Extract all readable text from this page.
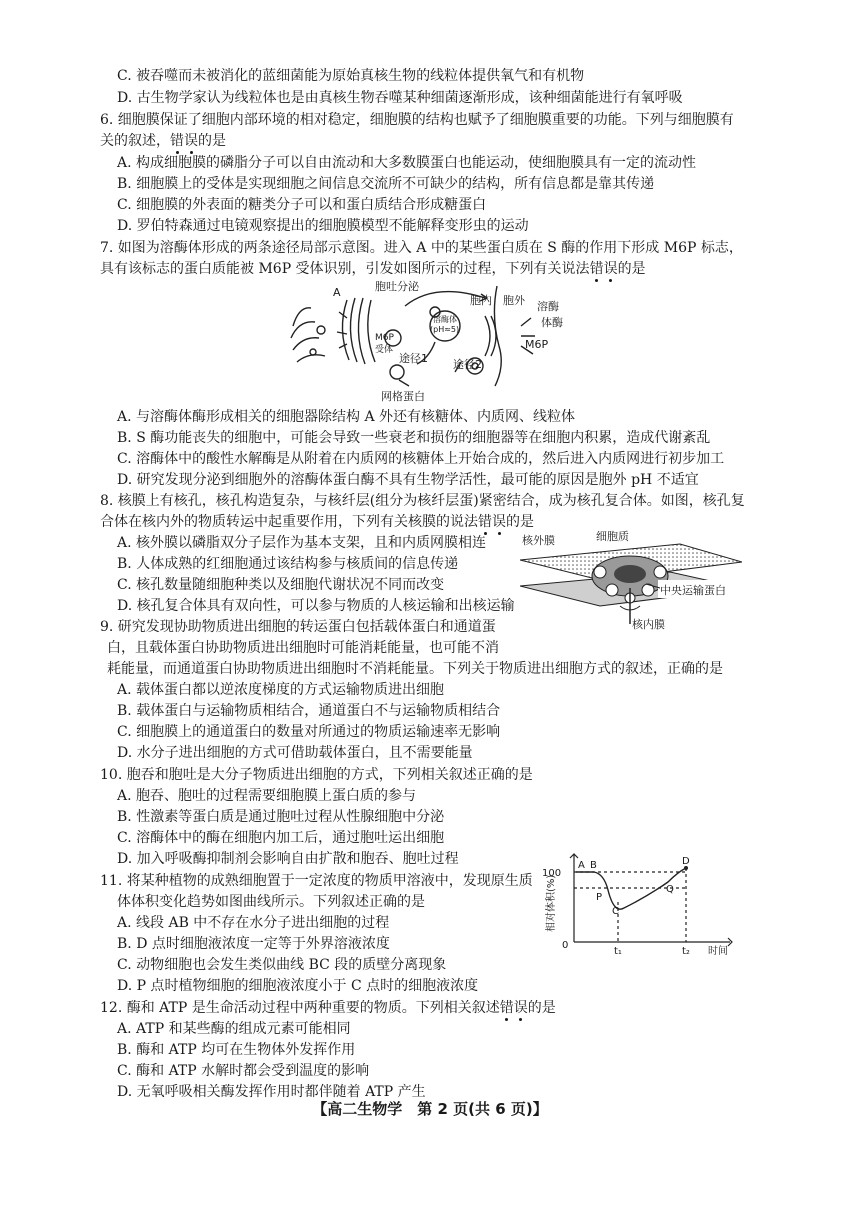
C. 被吞噬而未被消化的蓝细菌能为原始真核生物的线粒体提供氧气和有机物
D. 古生物学家认为线粒体也是由真核生物吞噬某种细菌逐渐形成，该种细菌能进行有氧呼吸
6. 细胞膜保证了细胞内部环境的相对稳定，细胞膜的结构也赋予了细胞膜重要的功能。下列与细胞膜有
关的叙述，错误的是
A. 构成细胞膜的磷脂分子可以自由流动和大多数膜蛋白也能运动，使细胞膜具有一定的流动性
B. 细胞膜上的受体是实现细胞之间信息交流所不可缺少的结构，所有信息都是靠其传递
C. 细胞膜的外表面的糖类分子可以和蛋白质结合形成糖蛋白
D. 罗伯特森通过电镜观察提出的细胞膜模型不能解释变形虫的运动
7. 如图为溶酶体形成的两条途径局部示意图。进入 A 中的某些蛋白质在 S 酶的作用下形成 M6P 标志，
具有该标志的蛋白质能被 M6P 受体识别，引发如图所示的过程，下列有关说法错误的是
胞吐分泌
A
胞内 胞外 溶酶
体酶
溶酶体
(pH≈5)
M6P
受体
途径1 途径2
M6P
网格蛋白
A. 与溶酶体酶形成相关的细胞器除结构 A 外还有核糖体、内质网、线粒体
B. S 酶功能丧失的细胞中，可能会导致一些衰老和损伤的细胞器等在细胞内积累，造成代谢紊乱
C. 溶酶体中的酸性水解酶是从附着在内质网的核糖体上开始合成的，然后进入内质网进行初步加工
D. 研究发现分泌到细胞外的溶酶体蛋白酶不具有生物学活性，最可能的原因是胞外 pH 不适宜
8. 核膜上有核孔，核孔构造复杂，与核纤层(组分为核纤层蛋)紧密结合，成为核孔复合体。如图，核孔复
合体在核内外的物质转运中起重要作用，下列有关核膜的说法错误的是
A. 核外膜以磷脂双分子层作为基本支架，且和内质网膜相连
B. 人体成熟的红细胞通过该结构参与核质间的信息传递
C. 核孔数量随细胞种类以及细胞代谢状况不同而改变
D. 核孔复合体具有双向性，可以参与物质的人核运输和出核运输
核外膜	细胞质
中央运输蛋白
核内膜
9. 研究发现协助物质进出细胞的转运蛋白包括载体蛋白和通道蛋
白，且载体蛋白协助物质进出细胞时可能消耗能量，也可能不消
耗能量，而通道蛋白协助物质进出细胞时不消耗能量。下列关于物质进出细胞方式的叙述，正确的是
A. 载体蛋白都以逆浓度梯度的方式运输物质进出细胞
B. 载体蛋白与运输物质相结合，通道蛋白不与运输物质相结合
C. 细胞膜上的通道蛋白的数量对所通过的物质运输速率无影响
D. 水分子进出细胞的方式可借助载体蛋白，且不需要能量
10. 胞吞和胞吐是大分子物质进出细胞的方式，下列相关叙述正确的是
A. 胞吞、胞吐的过程需要细胞膜上蛋白质的参与
B. 性激素等蛋白质是通过胞吐过程从性腺细胞中分泌
C. 溶酶体中的酶在细胞内加工后，通过胞吐运出细胞
D. 加入呼吸酶抑制剂会影响自由扩散和胞吞、胞吐过程
11. 将某种植物的成熟细胞置于一定浓度的物质甲溶液中，发现原生质
体体积变化趋势如图曲线所示。下列叙述正确的是
A. 线段 AB 中不存在水分子进出细胞的过程
B. D 点时细胞液浓度一定等于外界溶液浓度
C. 动物细胞也会发生类似曲线 BC 段的质壁分离现象
D. P 点时植物细胞的细胞液浓度小于 C 点时的细胞液浓度
100
0
A B
P
C
D
Q
t₁	t₂ 时间
相对体积(%)
12. 酶和 ATP 是生命活动过程中两种重要的物质。下列相关叙述错误的是
A. ATP 和某些酶的组成元素可能相同
B. 酶和 ATP 均可在生物体外发挥作用
C. 酶和 ATP 水解时都会受到温度的影响
D. 无氧呼吸相关酶发挥作用时都伴随着 ATP 产生
【高二生物学　第 2 页(共 6 页)】
